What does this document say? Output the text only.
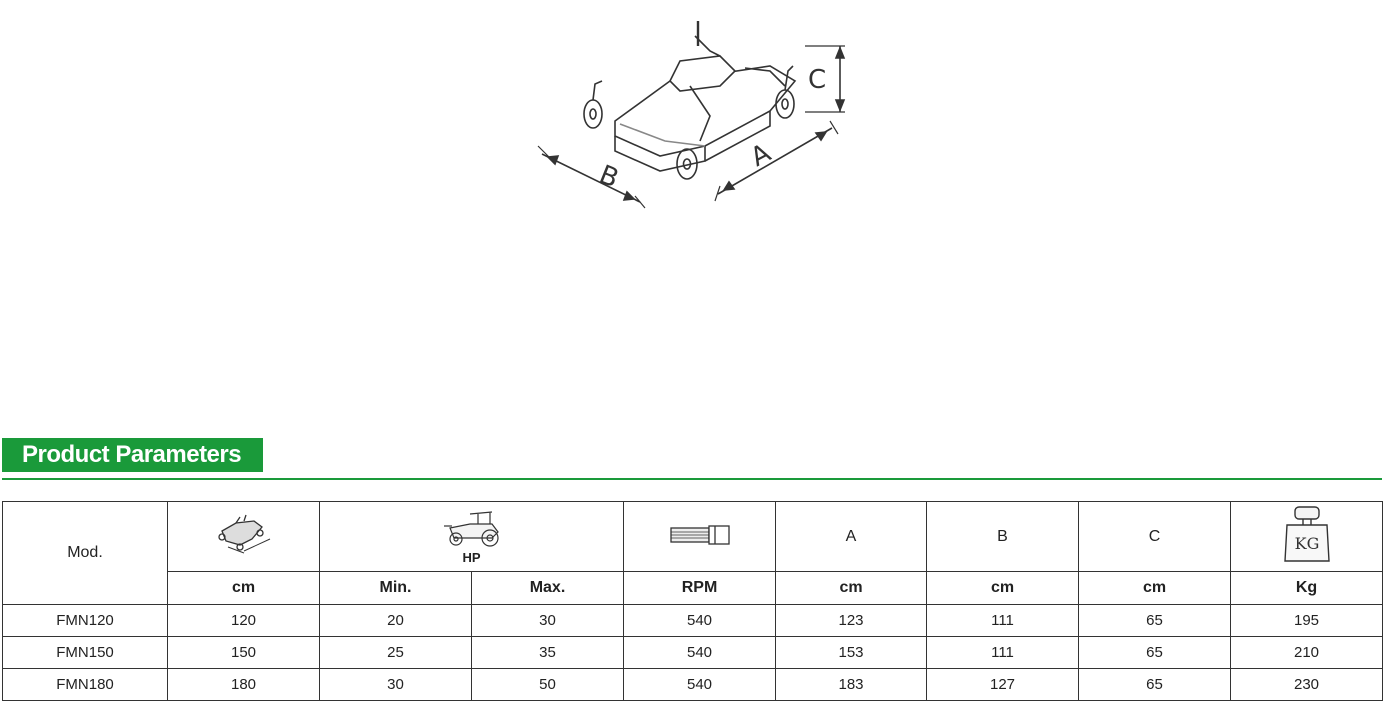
A
B
C
Product Parameters
Mod.		HP			A	B	C	KG

	cm	Min.	Max.	RPM	cm	cm	cm	Kg
FMN120	120	20	30	540	123	111	65	195
FMN150	150	25	35	540	153	111	65	210
FMN180	180	30	50	540	183	127	65	230
